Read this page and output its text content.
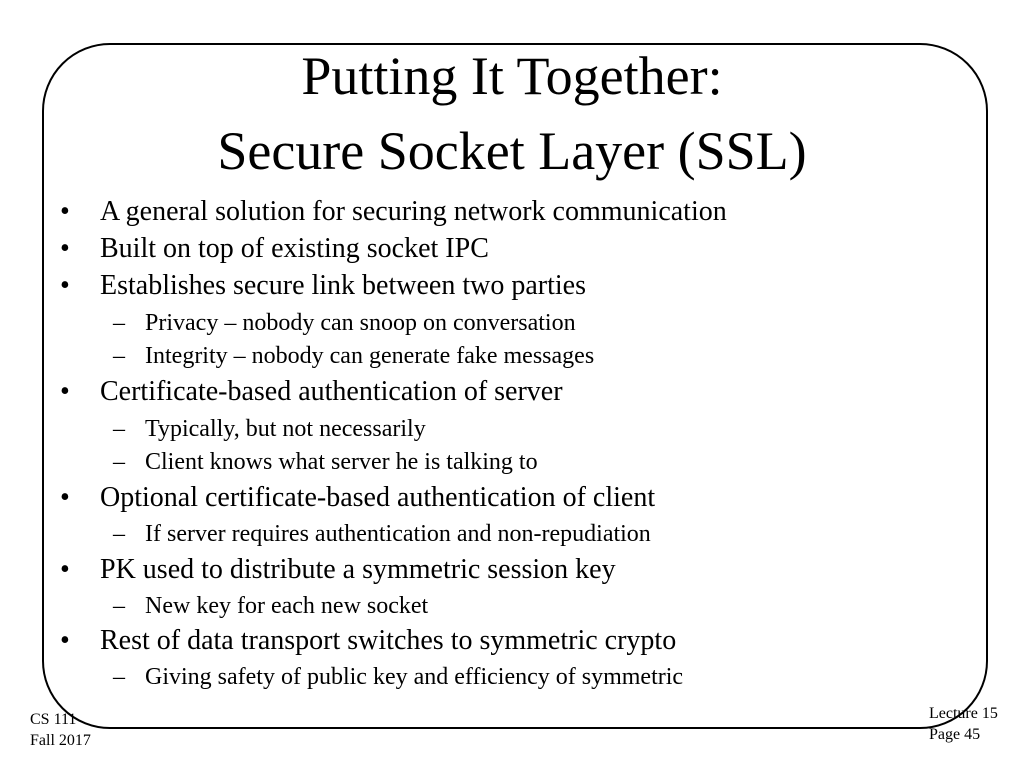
Putting It Together:
Secure Socket Layer (SSL)
• A general solution for securing network communication
• Built on top of existing socket IPC
• Establishes secure link between two parties
– Privacy – nobody can snoop on conversation
– Integrity – nobody can generate fake messages
• Certificate-based authentication of server
– Typically, but not necessarily
– Client knows what server he is talking to
• Optional certificate-based authentication of client
– If server requires authentication and non-repudiation
• PK used to distribute a symmetric session key
– New key for each new socket
• Rest of data transport switches to symmetric crypto
– Giving safety of public key and efficiency of symmetric
CS 111
Fall 2017
Lecture 15
Page 45
